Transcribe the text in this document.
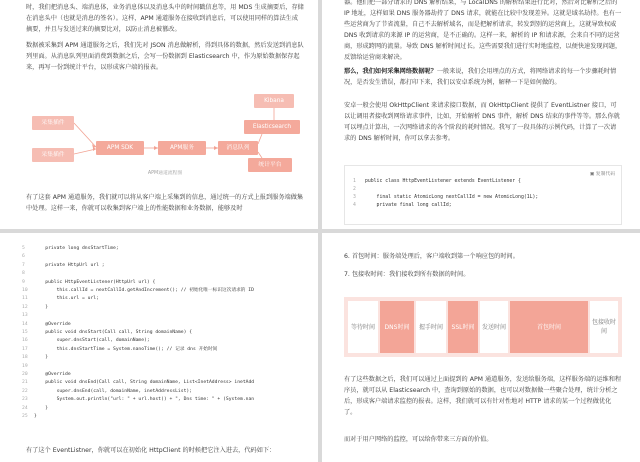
时，我们把消息头、端消息体，业务消息体以及消息头中的时间戳信息等，用 MDS 生成摘要后，存储在消息头中（也就是消息的签名）。这样，APM 通道服务在接收到消息后，可以使用同样的算法生成摘要，并且与发送过来的摘要比对，以防止消息被篡改。
数据被采集到 APM 通道服务之后，我们先对 JSON 消息做解析，得到具体的数据，然后发送到消息队列里面。从消息队列里面消费到数据之后，会写一份数据到 Elasticsearch 中，作为原始数据保存起来，再写一份到统计平台，以形成客户端的报表。
采集插件
采集插件
APM SDK	APM服务	消息队列
Kibana
Elasticsearch
统计平台
APM通道流程图
有了这套 APM 通道服务，我们就可以将从客户端上采集到的信息，通过统一的方式上报到服务端做集中处理。这样一来，你就可以收集到客户端上的性能数据和业务数据，能够及时
器。他们把一部分请求的 DNS 解析结果，与 LocalDNS 的解析结果进行比对，然后对比解析之后的 IP 地址，这样如果 DNS 服务器劫持了 DNS 请求，就能在比较中发现差异。这就是域名劫持。也有一些运营商为了节省流量，自己不去解析域名，而是把解析请求，转发到别的运营商上，这就导致权威 DNS 收到请求的来源 IP 的运营商，是不正确的。这样一来，解析的 IP 和请求源，会来自不同的运营商，形成跨网的流量。导致 DNS 解析时间过长。这些需要我们进行实时地监控，以便快速发现问题，反馈给运营商来解决。
那么，我们如何采集网络数据呢？一般来说，我们会用埋点的方式，将网络请求的每一个步骤耗时情况，是否发生错误，都打印下来，我们以安卓系统为例，解释一下是如何做的。
安卓一般会使用 OkHttpClient 来请求接口数据，而 OkHttpClient 提供了 EventListner 接口，可以让调用者接收到网络请求事件，比如，开始解析 DNS 事件，解析 DNS 结束的事件等等。那么你就可以埋点计算出，一次网络请求的各个阶段的耗时情况。我写了一段具体的示例代码，计算了一次请求的 DNS 解析时间，你可以拿去参考。
▣ 复制代码
1 public class HttpEventListener extends EventListener {
2
3    final static AtomicLong nextCallId = new AtomicLong(1L);
4    private final long callId;
5    private long dnsStartTime;
6
7    private HttpUrl url ;
8
9    public HttpEventListener(HttpUrl url) {
10        this.callId = nextCallId.getAndIncrement(); // 初始化唯一标识这次请求的 ID
11        this.url = url;
12    }
13
14    @Override
15    public void dnsStart(Call call, String domainName) {
16        super.dnsStart(call, domainName);
17        this.dnsStartTime = System.nanoTime(); // 记录 dns 开始时间
18    }
19
20    @Override
21    public void dnsEnd(Call call, String domainName, List<InetAddress> inetAdd
22        super.dnsEnd(call, domainName, inetAddressList);
23        System.out.println("url: " + url.host() + ", Dns time: " + (System.nan
24    }
25 }
有了这个 EventListner，你就可以在初始化 HttpClient 的时候把它注入进去，代码如下：
6. 首包时间：服务端处理后，客户端收到第一个响应包的时间。
7. 包接收时间：我们接收到所有数据的时间。
等待时间	DNS时间	握手时间	SSL时间	发送时间	首包时间
包接收时间
有了这些数据之后，我们可以通过上面提到的 APM 通道服务，发送给服务端，这样服务端的运维和程序员，就可以从 Elasticsearch 中，查询到原始的数据，也可以对数据做一些聚合处理，统计分析之后，形成客户端请求监控的报表。这样，我们就可以有针对性地对 HTTP 请求的某一个过程做优化了。
而对于用户网络的监控，可以给你带来三方面的价值。
